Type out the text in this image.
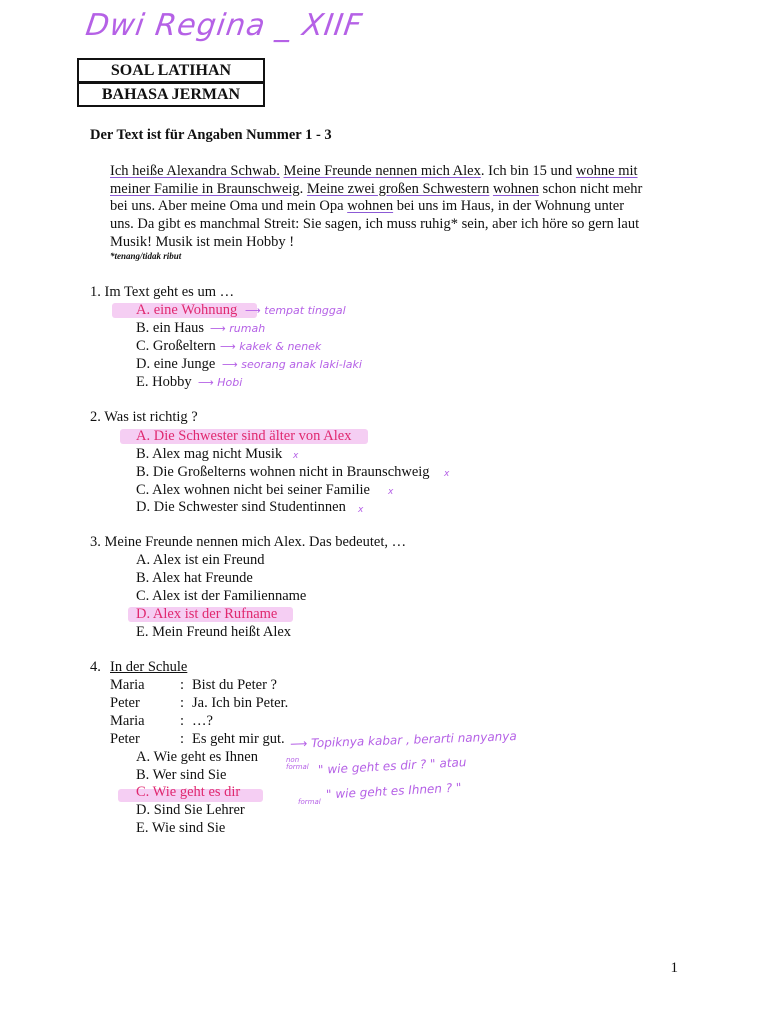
Dwi Regina _ XIIF
SOAL LATIHAN
BAHASA JERMAN
Der Text ist für Angaben Nummer 1 - 3
Ich heiße Alexandra Schwab. Meine Freunde nennen mich Alex. Ich bin 15 und wohne mit meiner Familie in Braunschweig. Meine zwei großen Schwestern wohnen schon nicht mehr bei uns. Aber meine Oma und mein Opa wohnen bei uns im Haus, in der Wohnung unter uns. Da gibt es manchmal Streit: Sie sagen, ich muss ruhig* sein, aber ich höre so gern laut Musik! Musik ist mein Hobby !
*tenang/tidak ribut
1. Im Text geht es um …
A. eine Wohnung
B. ein Haus
C. Großeltern
D. eine Junge
E. Hobby
⟶ tempat tinggal
⟶ rumah
⟶ kakek & nenek
⟶ seorang anak laki-laki
⟶ Hobi
2. Was ist richtig ?
A. Die Schwester sind älter von Alex
B. Alex mag nicht Musik
B. Die Großelterns wohnen nicht in Braunschweig
C. Alex wohnen nicht bei seiner Familie
D. Die Schwester sind Studentinnen
x
x
x
x
3. Meine Freunde nennen mich Alex. Das bedeutet, …
A. Alex ist ein Freund
B. Alex hat Freunde
C. Alex ist der Familienname
D. Alex ist der Rufname
E. Mein Freund heißt Alex
4. In der Schule
Maria : Bist du Peter ?
Peter	: Ja. Ich bin Peter.
Maria : …?
Peter	: Es geht mir gut.
A. Wie geht es Ihnen
B. Wer sind Sie
C. Wie geht es dir
D. Sind Sie Lehrer
E. Wie sind Sie
⟶ Topiknya kabar , berarti nanyanya
non formal " wie geht es dir ? " atau
formal
" wie geht es Ihnen ? "
1
